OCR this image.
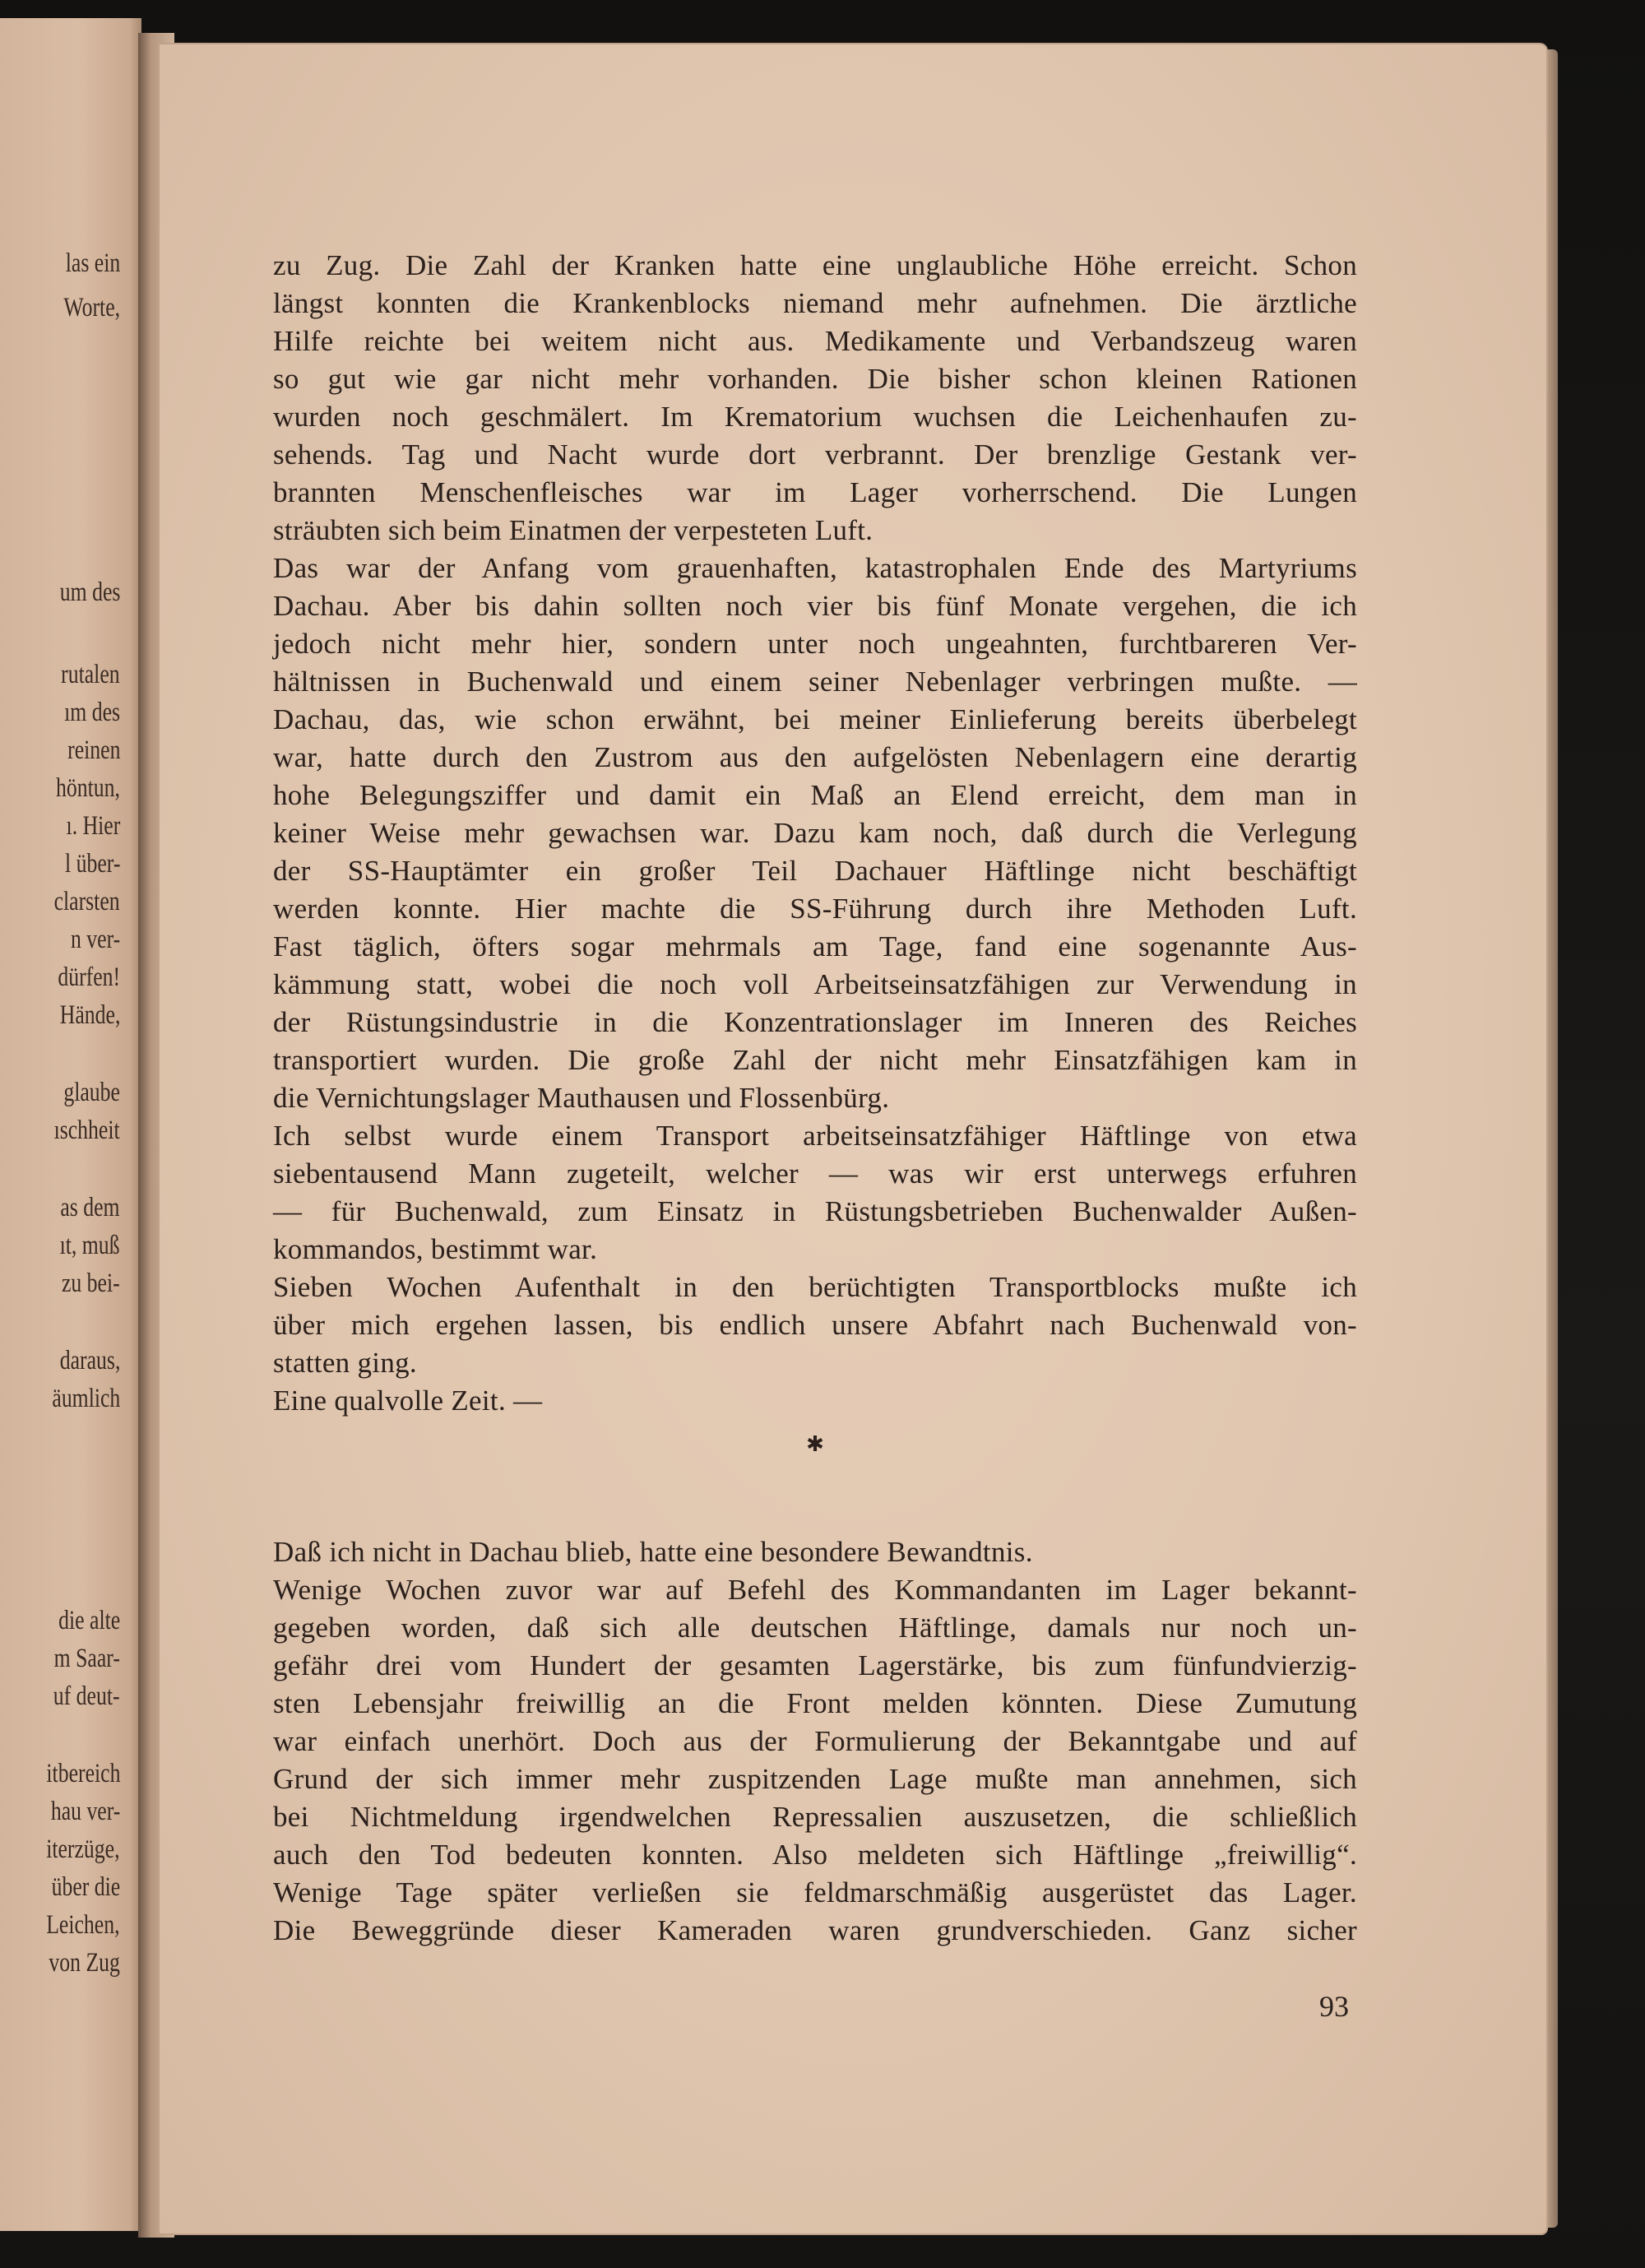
las ein
Worte,
um des
rutalen
ım des
reinen
höntun,
ı. Hier
l über-
clarsten
n ver-
dürfen!
Hände,
glaube
ıschheit
as dem
ıt, muß
zu bei-
daraus,
äumlich
die alte
m Saar-
uf deut-
itbereich
hau ver-
iterzüge,
über die
Leichen,
von Zug
zu Zug. Die Zahl der Kranken hatte eine unglaubliche Höhe erreicht. Schon
längst konnten die Krankenblocks niemand mehr aufnehmen. Die ärztliche
Hilfe reichte bei weitem nicht aus. Medikamente und Verbandszeug waren
so gut wie gar nicht mehr vorhanden. Die bisher schon kleinen Rationen
wurden noch geschmälert. Im Krematorium wuchsen die Leichenhaufen zu-
sehends. Tag und Nacht wurde dort verbrannt. Der brenzlige Gestank ver-
brannten Menschenfleisches war im Lager vorherrschend. Die Lungen
sträubten sich beim Einatmen der verpesteten Luft.
Das war der Anfang vom grauenhaften, katastrophalen Ende des Martyriums
Dachau. Aber bis dahin sollten noch vier bis fünf Monate vergehen, die ich
jedoch nicht mehr hier, sondern unter noch ungeahnten, furchtbareren Ver-
hältnissen in Buchenwald und einem seiner Nebenlager verbringen mußte. —
Dachau, das, wie schon erwähnt, bei meiner Einlieferung bereits überbelegt
war, hatte durch den Zustrom aus den aufgelösten Nebenlagern eine derartig
hohe Belegungsziffer und damit ein Maß an Elend erreicht, dem man in
keiner Weise mehr gewachsen war. Dazu kam noch, daß durch die Verlegung
der SS-Hauptämter ein großer Teil Dachauer Häftlinge nicht beschäftigt
werden konnte. Hier machte die SS-Führung durch ihre Methoden Luft.
Fast täglich, öfters sogar mehrmals am Tage, fand eine sogenannte Aus-
kämmung statt, wobei die noch voll Arbeitseinsatzfähigen zur Verwendung in
der Rüstungsindustrie in die Konzentrationslager im Inneren des Reiches
transportiert wurden. Die große Zahl der nicht mehr Einsatzfähigen kam in
die Vernichtungslager Mauthausen und Flossenbürg.
Ich selbst wurde einem Transport arbeitseinsatzfähiger Häftlinge von etwa
siebentausend Mann zugeteilt, welcher — was wir erst unterwegs erfuhren
— für Buchenwald, zum Einsatz in Rüstungsbetrieben Buchenwalder Außen-
kommandos, bestimmt war.
Sieben Wochen Aufenthalt in den berüchtigten Transportblocks mußte ich
über mich ergehen lassen, bis endlich unsere Abfahrt nach Buchenwald von-
statten ging.
Eine qualvolle Zeit. —
✱
Daß ich nicht in Dachau blieb, hatte eine besondere Bewandtnis.
Wenige Wochen zuvor war auf Befehl des Kommandanten im Lager bekannt-
gegeben worden, daß sich alle deutschen Häftlinge, damals nur noch un-
gefähr drei vom Hundert der gesamten Lagerstärke, bis zum fünfundvierzig-
sten Lebensjahr freiwillig an die Front melden könnten. Diese Zumutung
war einfach unerhört. Doch aus der Formulierung der Bekanntgabe und auf
Grund der sich immer mehr zuspitzenden Lage mußte man annehmen, sich
bei Nichtmeldung irgendwelchen Repressalien auszusetzen, die schließlich
auch den Tod bedeuten konnten. Also meldeten sich Häftlinge „freiwillig“.
Wenige Tage später verließen sie feldmarschmäßig ausgerüstet das Lager.
Die Beweggründe dieser Kameraden waren grundverschieden. Ganz sicher
93
